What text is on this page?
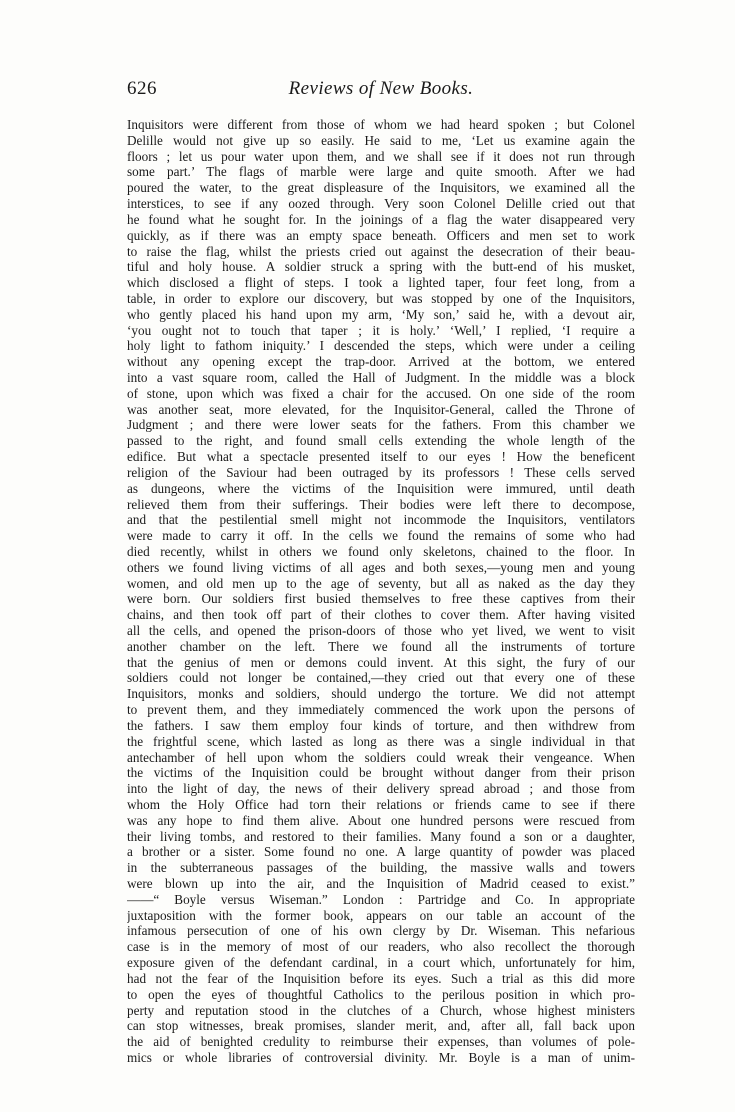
626	Reviews of New Books.
Inquisitors were different from those of whom we had heard spoken ; but Colonel
Delille would not give up so easily. He said to me, ‘Let us examine again the
floors ; let us pour water upon them, and we shall see if it does not run through
some part.’ The flags of marble were large and quite smooth. After we had
poured the water, to the great displeasure of the Inquisitors, we examined all the
interstices, to see if any oozed through. Very soon Colonel Delille cried out that
he found what he sought for. In the joinings of a flag the water disappeared very
quickly, as if there was an empty space beneath. Officers and men set to work
to raise the flag, whilst the priests cried out against the desecration of their beau-
tiful and holy house. A soldier struck a spring with the butt-end of his musket,
which disclosed a flight of steps. I took a lighted taper, four feet long, from a
table, in order to explore our discovery, but was stopped by one of the Inquisitors,
who gently placed his hand upon my arm, ‘My son,’ said he, with a devout air,
‘you ought not to touch that taper ; it is holy.’ ‘Well,’ I replied, ‘I require a
holy light to fathom iniquity.’ I descended the steps, which were under a ceiling
without any opening except the trap-door. Arrived at the bottom, we entered
into a vast square room, called the Hall of Judgment. In the middle was a block
of stone, upon which was fixed a chair for the accused. On one side of the room
was another seat, more elevated, for the Inquisitor-General, called the Throne of
Judgment ; and there were lower seats for the fathers. From this chamber we
passed to the right, and found small cells extending the whole length of the
edifice. But what a spectacle presented itself to our eyes ! How the beneficent
religion of the Saviour had been outraged by its professors ! These cells served
as dungeons, where the victims of the Inquisition were immured, until death
relieved them from their sufferings. Their bodies were left there to decompose,
and that the pestilential smell might not incommode the Inquisitors, ventilators
were made to carry it off. In the cells we found the remains of some who had
died recently, whilst in others we found only skeletons, chained to the floor. In
others we found living victims of all ages and both sexes,—young men and young
women, and old men up to the age of seventy, but all as naked as the day they
were born. Our soldiers first busied themselves to free these captives from their
chains, and then took off part of their clothes to cover them. After having visited
all the cells, and opened the prison-doors of those who yet lived, we went to visit
another chamber on the left. There we found all the instruments of torture
that the genius of men or demons could invent. At this sight, the fury of our
soldiers could not longer be contained,—they cried out that every one of these
Inquisitors, monks and soldiers, should undergo the torture. We did not attempt
to prevent them, and they immediately commenced the work upon the persons of
the fathers. I saw them employ four kinds of torture, and then withdrew from
the frightful scene, which lasted as long as there was a single individual in that
antechamber of hell upon whom the soldiers could wreak their vengeance. When
the victims of the Inquisition could be brought without danger from their prison
into the light of day, the news of their delivery spread abroad ; and those from
whom the Holy Office had torn their relations or friends came to see if there
was any hope to find them alive. About one hundred persons were rescued from
their living tombs, and restored to their families. Many found a son or a daughter,
a brother or a sister. Some found no one. A large quantity of powder was placed
in the subterraneous passages of the building, the massive walls and towers
were blown up into the air, and the Inquisition of Madrid ceased to exist.”
——“ Boyle versus Wiseman.” London : Partridge and Co. In appropriate
juxtaposition with the former book, appears on our table an account of the
infamous persecution of one of his own clergy by Dr. Wiseman. This nefarious
case is in the memory of most of our readers, who also recollect the thorough
exposure given of the defendant cardinal, in a court which, unfortunately for him,
had not the fear of the Inquisition before its eyes. Such a trial as this did more
to open the eyes of thoughtful Catholics to the perilous position in which pro-
perty and reputation stood in the clutches of a Church, whose highest ministers
can stop witnesses, break promises, slander merit, and, after all, fall back upon
the aid of benighted credulity to reimburse their expenses, than volumes of pole-
mics or whole libraries of controversial divinity. Mr. Boyle is a man of unim-
